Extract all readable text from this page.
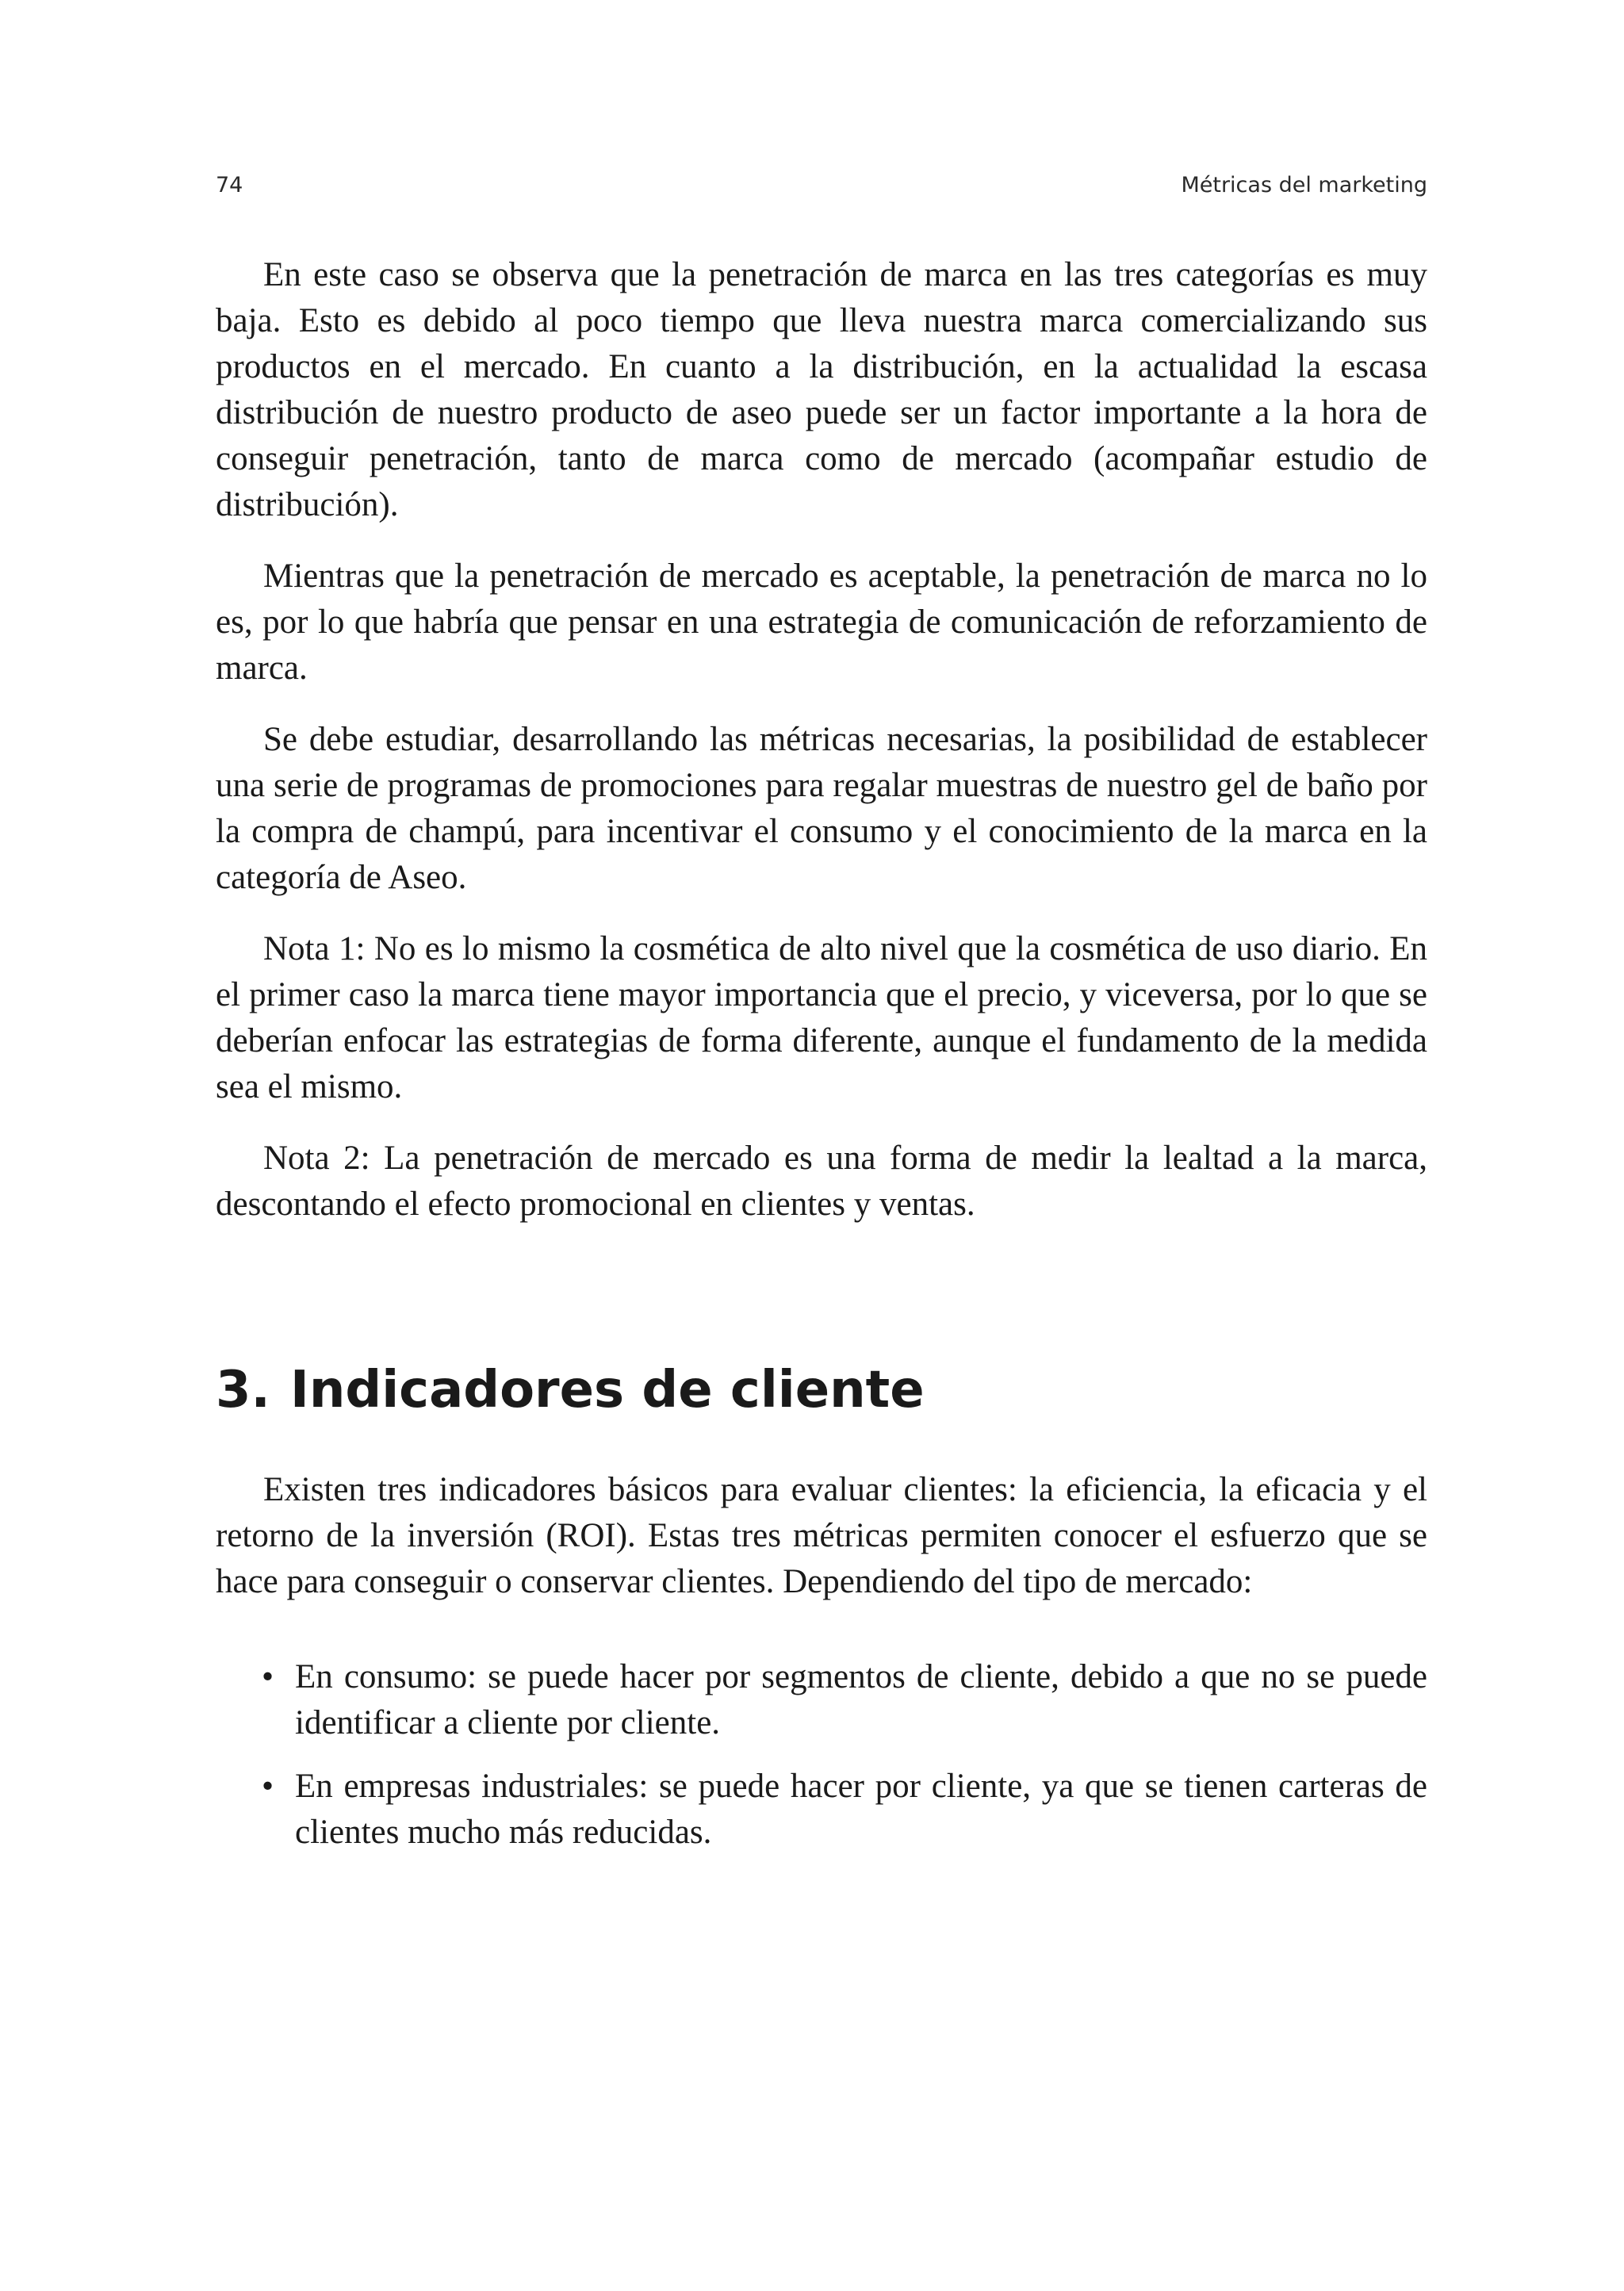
74	Métricas del marketing

En este caso se observa que la penetración de marca en las tres categorías es muy baja. Esto es debido al poco tiempo que lleva nuestra marca comercializando sus productos en el mercado. En cuanto a la distribución, en la actualidad la escasa distribución de nuestro producto de aseo puede ser un factor importante a la hora de conseguir penetración, tanto de marca como de mercado (acompañar estudio de distribución).

Mientras que la penetración de mercado es aceptable, la penetración de marca no lo es, por lo que habría que pensar en una estrategia de comunicación de reforzamiento de marca.

Se debe estudiar, desarrollando las métricas necesarias, la posibilidad de establecer una serie de programas de promociones para regalar muestras de nuestro gel de baño por la compra de champú, para incentivar el consumo y el conocimiento de la marca en la categoría de Aseo.

Nota 1: No es lo mismo la cosmética de alto nivel que la cosmética de uso diario. En el primer caso la marca tiene mayor importancia que el precio, y viceversa, por lo que se deberían enfocar las estrategias de forma diferente, aunque el fundamento de la medida sea el mismo.

Nota 2: La penetración de mercado es una forma de medir la lealtad a la marca, descontando el efecto promocional en clientes y ventas.

3. Indicadores de cliente

Existen tres indicadores básicos para evaluar clientes: la eficiencia, la eficacia y el retorno de la inversión (ROI). Estas tres métricas permiten conocer el esfuerzo que se hace para conseguir o conservar clientes. Dependiendo del tipo de mercado:

• En consumo: se puede hacer por segmentos de cliente, debido a que no se puede identificar a cliente por cliente.
• En empresas industriales: se puede hacer por cliente, ya que se tienen carteras de clientes mucho más reducidas.
